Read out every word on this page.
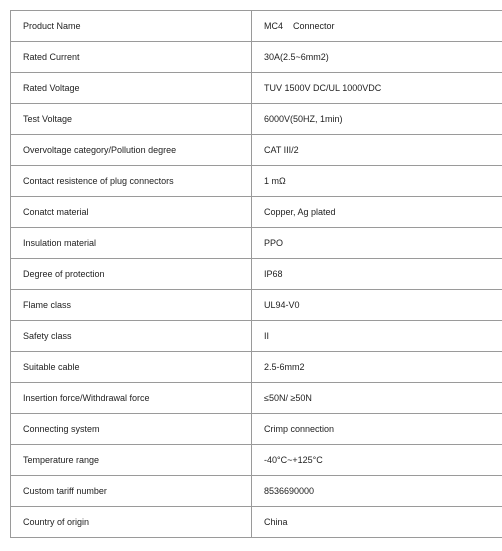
Product Name	MC4    Connector
Rated Current	30A(2.5~6mm2)
Rated Voltage	TUV 1500V DC/UL 1000VDC
Test Voltage	6000V(50HZ, 1min)
Overvoltage category/Pollution degree	CAT III/2
Contact resistence of plug connectors	1 mΩ
Conatct material	Copper, Ag plated
Insulation material	PPO
Degree of protection	IP68
Flame class	UL94-V0
Safety class	II
Suitable cable	2.5-6mm2
Insertion force/Withdrawal force	≤50N/ ≥50N
Connecting system	Crimp connection
Temperature range	-40°C~+125°C
Custom tariff number	8536690000
Country of origin	China
